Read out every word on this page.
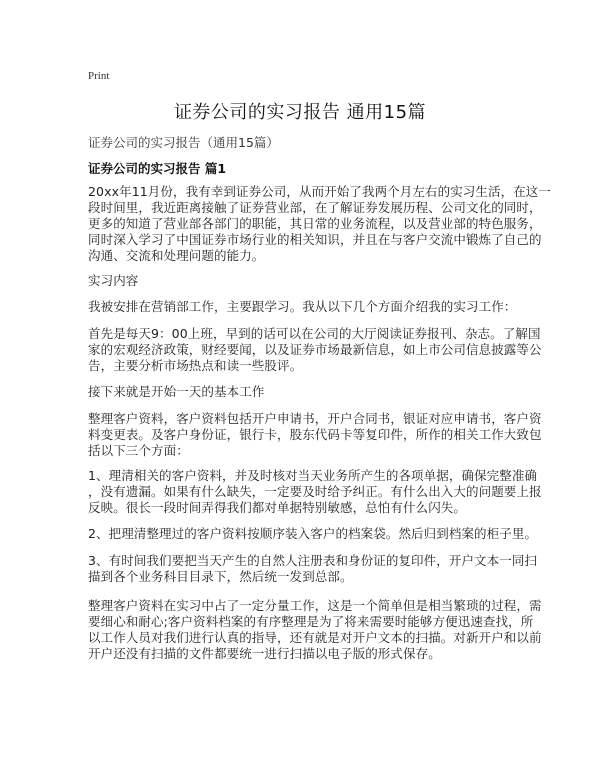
Print
证券公司的实习报告 通用15篇
证券公司的实习报告（通用15篇）
证券公司的实习报告 篇1

20xx年11月份，我有幸到证券公司，从而开始了我两个月左右的实习生活，在这一
段时间里，我近距离接触了证券营业部，在了解证券发展历程、公司文化的同时，
更多的知道了营业部各部门的职能，其日常的业务流程，以及营业部的特色服务，
同时深入学习了中国证券市场行业的相关知识，并且在与客户交流中锻炼了自己的
沟通、交流和处理问题的能力。

实习内容

我被安排在营销部工作，主要跟学习。我从以下几个方面介绍我的实习工作：

首先是每天9：00上班，早到的话可以在公司的大厅阅读证券报刊、杂志。了解国
家的宏观经济政策，财经要闻，以及证券市场最新信息，如上市公司信息披露等公
告，主要分析市场热点和读一些股评。

接下来就是开始一天的基本工作

整理客户资料，客户资料包括开户申请书，开户合同书，银证对应申请书，客户资
料变更表。及客户身份证，银行卡，股东代码卡等复印件，所作的相关工作大致包
括以下三个方面：

1、理清相关的客户资料，并及时核对当天业务所产生的各项单据，确保完整准确
，没有遗漏。如果有什么缺失，一定要及时给予纠正。有什么出入大的问题要上报
反映。很长一段时间弄得我们都对单据特别敏感，总怕有什么闪失。

2、把理清整理过的客户资料按顺序装入客户的档案袋。然后归到档案的柜子里。

3、有时间我们要把当天产生的自然人注册表和身份证的复印件，开户文本一同扫
描到各个业务科目目录下，然后统一发到总部。

整理客户资料在实习中占了一定分量工作，这是一个简单但是相当繁琐的过程，需
要细心和耐心;客户资料档案的有序整理是为了将来需要时能够方便迅速查找，所
以工作人员对我们进行认真的指导，还有就是对开户文本的扫描。对新开户和以前
开户还没有扫描的文件都要统一进行扫描以电子版的形式保存。
